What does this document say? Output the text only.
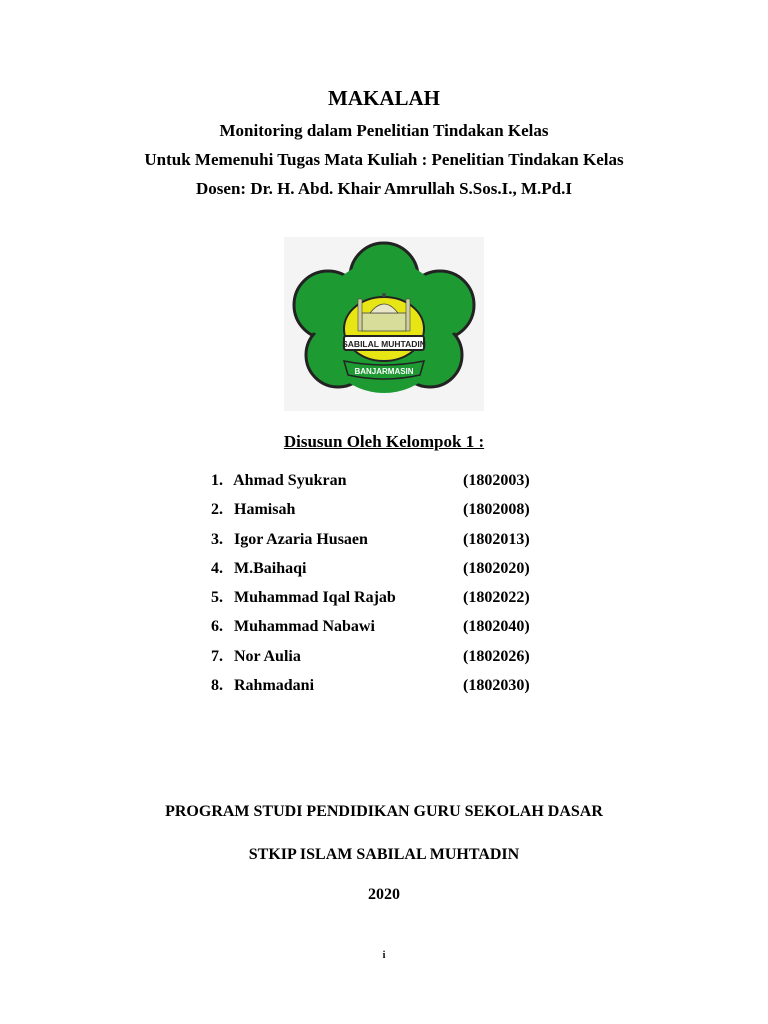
MAKALAH
Monitoring dalam Penelitian Tindakan Kelas
Untuk Memenuhi Tugas Mata Kuliah : Penelitian Tindakan Kelas
Dosen: Dr. H. Abd. Khair Amrullah S.Sos.I., M.Pd.I
SEKOLAH TINGGI KEGURUAN DAN ILMU PENDIDIKAN ISLAM
SABILAL MUHTADIN
BANJARMASIN
Disusun Oleh Kelompok 1 :
1. Ahmad Syukran	(1802003)
2. Hamisah	(1802008)
3. Igor Azaria Husaen	(1802013)
4. M.Baihaqi	(1802020)
5. Muhammad Iqal Rajab	(1802022)
6. Muhammad Nabawi	(1802040)
7. Nor Aulia	(1802026)
8. Rahmadani	(1802030)
PROGRAM STUDI PENDIDIKAN GURU SEKOLAH DASAR
STKIP ISLAM SABILAL MUHTADIN
2020
i
